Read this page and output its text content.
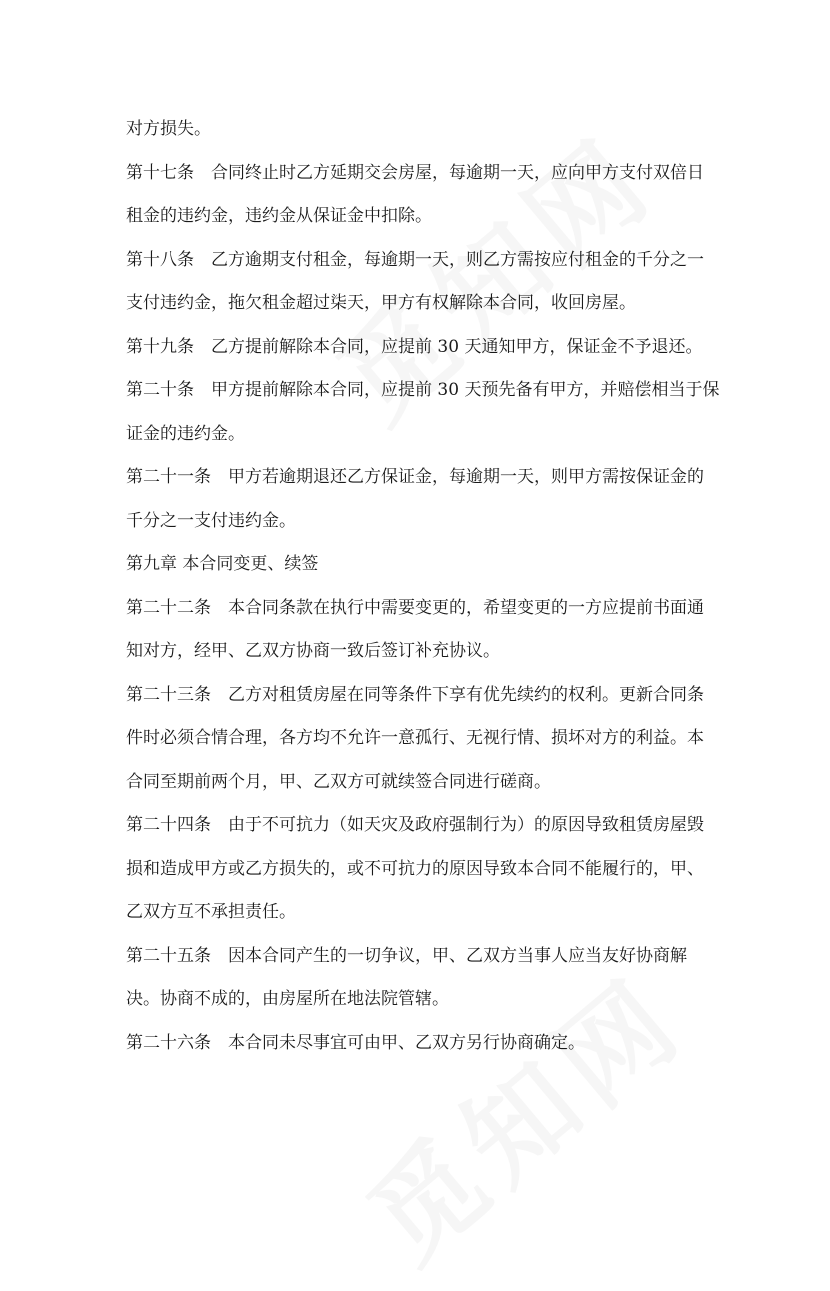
对方损失。
第十七条　合同终止时乙方延期交会房屋，每逾期一天，应向甲方支付双倍日
租金的违约金，违约金从保证金中扣除。
第十八条　乙方逾期支付租金，每逾期一天，则乙方需按应付租金的千分之一
支付违约金，拖欠租金超过柒天，甲方有权解除本合同，收回房屋。
第十九条　乙方提前解除本合同，应提前 30 天通知甲方，保证金不予退还。
第二十条　甲方提前解除本合同，应提前 30 天预先备有甲方，并赔偿相当于保
证金的违约金。
第二十一条　甲方若逾期退还乙方保证金，每逾期一天，则甲方需按保证金的
千分之一支付违约金。
第九章 本合同变更、续签
第二十二条　本合同条款在执行中需要变更的，希望变更的一方应提前书面通
知对方，经甲、乙双方协商一致后签订补充协议。
第二十三条　乙方对租赁房屋在同等条件下享有优先续约的权利。更新合同条
件时必须合情合理，各方均不允许一意孤行、无视行情、损坏对方的利益。本
合同至期前两个月，甲、乙双方可就续签合同进行磋商。
第二十四条　由于不可抗力（如天灾及政府强制行为）的原因导致租赁房屋毁
损和造成甲方或乙方损失的，或不可抗力的原因导致本合同不能履行的，甲、
乙双方互不承担责任。
第二十五条　因本合同产生的一切争议，甲、乙双方当事人应当友好协商解
决。协商不成的，由房屋所在地法院管辖。
第二十六条　本合同未尽事宜可由甲、乙双方另行协商确定。
